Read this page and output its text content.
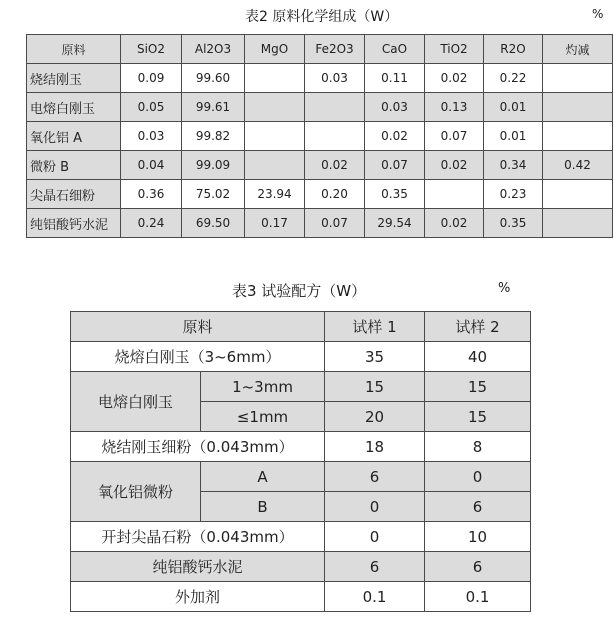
表2 原料化学组成（W）	%
原料	SiO2	Al2O3	MgO	Fe2O3	CaO	TiO2	R2O	灼减
烧结刚玉	0.09	99.60		0.03	0.11	0.02	0.22	
电熔白刚玉	0.05	99.61			0.03	0.13	0.01	
氧化铝 A	0.03	99.82			0.02	0.07	0.01	
微粉 B	0.04	99.09		0.02	0.07	0.02	0.34	0.42
尖晶石细粉	0.36	75.02	23.94	0.20	0.35		0.23	
纯铝酸钙水泥	0.24	69.50	0.17	0.07	29.54	0.02	0.35	
表3 试验配方（W）	%
原料		试样 1	试样 2
烧熔白刚玉（3~6mm）		35	40
电熔白刚玉	1~3mm	15	15
	≤1mm	20	15
烧结刚玉细粉（0.043mm）		18	8
氧化铝微粉	A	6	0
	B	0	6
开封尖晶石粉（0.043mm）		0	10
纯铝酸钙水泥		6	6
外加剂		0.1	0.1
